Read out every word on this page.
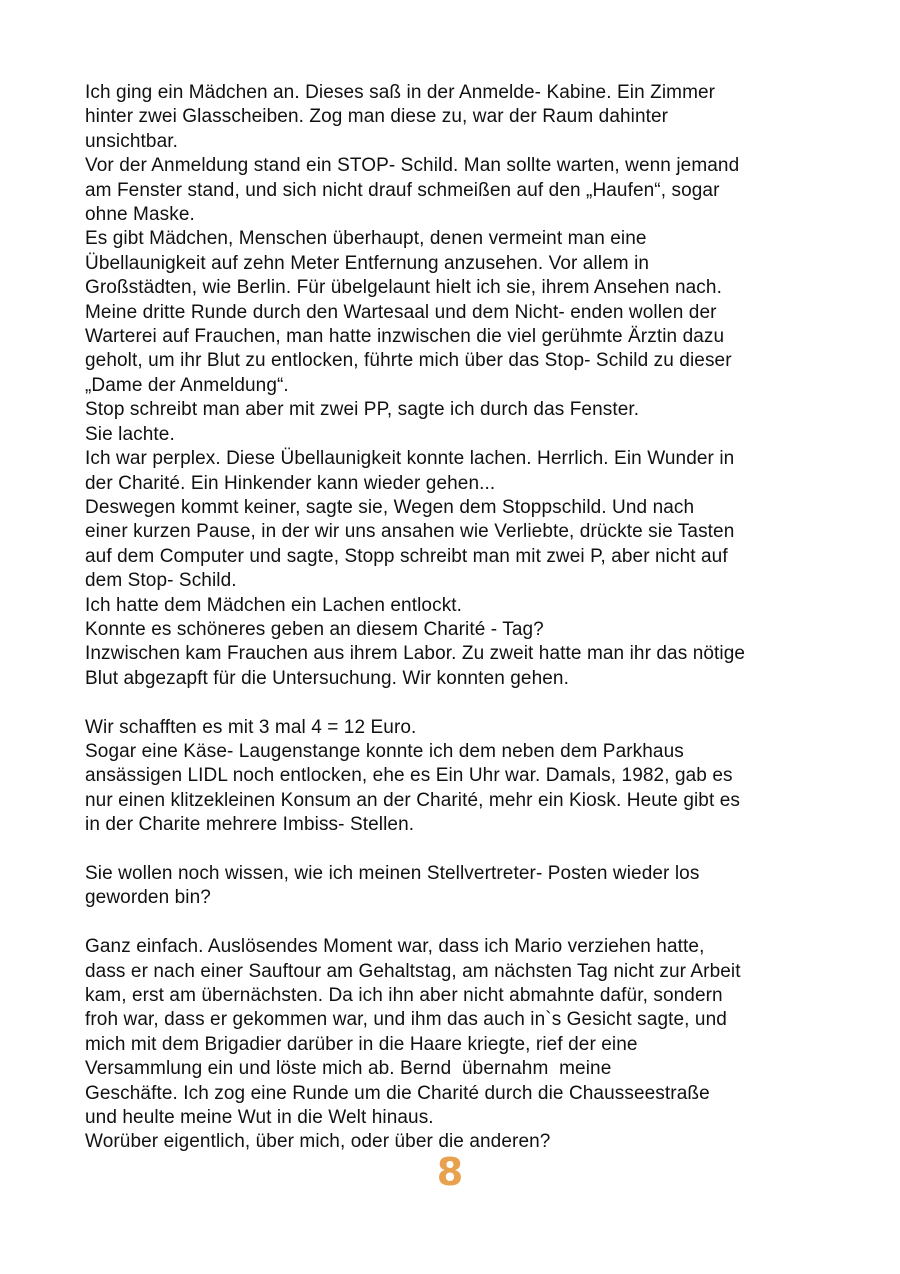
Ich ging ein Mädchen an. Dieses saß in der Anmelde- Kabine. Ein Zimmer
hinter zwei Glasscheiben. Zog man diese zu, war der Raum dahinter
unsichtbar.
Vor der Anmeldung stand ein STOP- Schild. Man sollte warten, wenn jemand
am Fenster stand, und sich nicht drauf schmeißen auf den „Haufen“, sogar
ohne Maske.
Es gibt Mädchen, Menschen überhaupt, denen vermeint man eine
Übellaunigkeit auf zehn Meter Entfernung anzusehen. Vor allem in
Großstädten, wie Berlin. Für übelgelaunt hielt ich sie, ihrem Ansehen nach.
Meine dritte Runde durch den Wartesaal und dem Nicht- enden wollen der
Warterei auf Frauchen, man hatte inzwischen die viel gerühmte Ärztin dazu
geholt, um ihr Blut zu entlocken, führte mich über das Stop- Schild zu dieser
„Dame der Anmeldung“.
Stop schreibt man aber mit zwei PP, sagte ich durch das Fenster.
Sie lachte.
Ich war perplex. Diese Übellaunigkeit konnte lachen. Herrlich. Ein Wunder in
der Charité. Ein Hinkender kann wieder gehen...
Deswegen kommt keiner, sagte sie, Wegen dem Stoppschild. Und nach
einer kurzen Pause, in der wir uns ansahen wie Verliebte, drückte sie Tasten
auf dem Computer und sagte, Stopp schreibt man mit zwei P, aber nicht auf
dem Stop- Schild.
Ich hatte dem Mädchen ein Lachen entlockt.
Konnte es schöneres geben an diesem Charité - Tag?
Inzwischen kam Frauchen aus ihrem Labor. Zu zweit hatte man ihr das nötige
Blut abgezapft für die Untersuchung. Wir konnten gehen.
Wir schafften es mit 3 mal 4 = 12 Euro.
Sogar eine Käse- Laugenstange konnte ich dem neben dem Parkhaus
ansässigen LIDL noch entlocken, ehe es Ein Uhr war. Damals, 1982, gab es
nur einen klitzekleinen Konsum an der Charité, mehr ein Kiosk. Heute gibt es
in der Charite mehrere Imbiss- Stellen.
Sie wollen noch wissen, wie ich meinen Stellvertreter- Posten wieder los
geworden bin?
Ganz einfach. Auslösendes Moment war, dass ich Mario verziehen hatte,
dass er nach einer Sauftour am Gehaltstag, am nächsten Tag nicht zur Arbeit
kam, erst am übernächsten. Da ich ihn aber nicht abmahnte dafür, sondern
froh war, dass er gekommen war, und ihm das auch in`s Gesicht sagte, und
mich mit dem Brigadier darüber in die Haare kriegte, rief der eine
Versammlung ein und löste mich ab. Bernd  übernahm  meine
Geschäfte. Ich zog eine Runde um die Charité durch die Chausseestraße
und heulte meine Wut in die Welt hinaus.
Worüber eigentlich, über mich, oder über die anderen?
8
